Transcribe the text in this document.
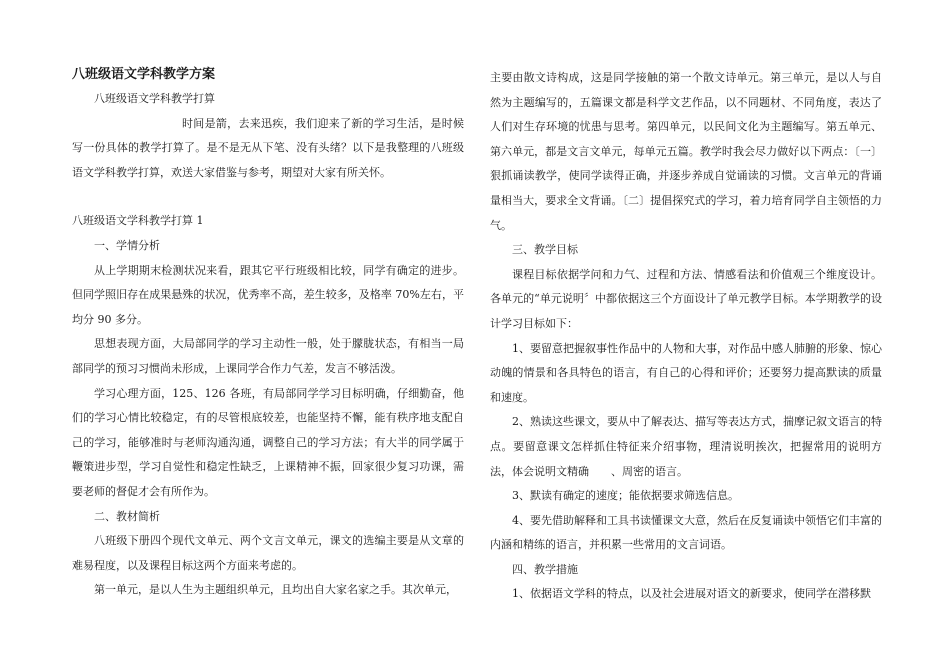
八班级语文学科教学方案

八班级语文学科教学打算

时间是箭，去来迅疾，我们迎来了新的学习生活，是时候写一份具体的教学打算了。是不是无从下笔、没有头绪？以下是我整理的八班级语文学科教学打算，欢送大家借鉴与参考，期望对大家有所关怀。

八班级语文学科教学打算 1

一、学情分析

从上学期期末检测状况来看，跟其它平行班级相比较，同学有确定的进步。但同学照旧存在成果悬殊的状况，优秀率不高，差生较多，及格率 70%左右，平均分 90 多分。

思想表现方面，大局部同学的学习主动性一般，处于朦胧状态，有相当一局部同学的预习习惯尚未形成，上课同学合作力气差，发言不够活泼。

学习心理方面，125、126 各班，有局部同学学习目标明确，仔细勤奋，他们的学习心情比较稳定，有的尽管根底较差，也能坚持不懈，能有秩序地支配自己的学习，能够准时与老师沟通沟通，调整自己的学习方法；有大半的同学属于鞭策进步型，学习自觉性和稳定性缺乏，上课精神不振，回家很少复习功课，需要老师的督促才会有所作为。

二、教材简析

八班级下册四个现代文单元、两个文言文单元，课文的选编主要是从文章的难易程度，以及课程目标这两个方面来考虑的。

第一单元，是以人生为主题组织单元，且均出自大家名家之手。其次单元，

主要由散文诗构成，这是同学接触的第一个散文诗单元。第三单元，是以人与自然为主题编写的，五篇课文都是科学文艺作品，以不同题材、不同角度，表达了人们对生存环境的忧患与思考。第四单元，以民间文化为主题编写。第五单元、第六单元，都是文言文单元，每单元五篇。教学时我会尽力做好以下两点：〔一〕狠抓诵读教学，使同学读得正确，并逐步养成自觉诵读的习惯。文言单元的背诵量相当大，要求全文背诵。〔二〕提倡探究式的学习，着力培育同学自主领悟的力气。

三、教学目标

课程目标依据学问和力气、过程和方法、情感看法和价值观三个维度设计。各单元的“单元说明〞中都依据这三个方面设计了单元教学目标。本学期教学的设计学习目标如下：

1、要留意把握叙事性作品中的人物和大事，对作品中感人肺腑的形象、惊心动魄的情景和各具特色的语言，有自己的心得和评价；还要努力提高默读的质量和速度。

2、熟读这些课文，要从中了解表达、描写等表达方式，揣摩记叙文语言的特点。要留意课文怎样抓住特征来介绍事物，理清说明挨次，把握常用的说明方法，体会说明文精确　　、周密的语言。

3、默读有确定的速度；能依据要求筛选信息。

4、要先借助解释和工具书读懂课文大意，然后在反复诵读中领悟它们丰富的内涵和精练的语言，并积累一些常用的文言词语。

四、教学措施

1、依据语文学科的特点，以及社会进展对语文的新要求，使同学在潜移默
